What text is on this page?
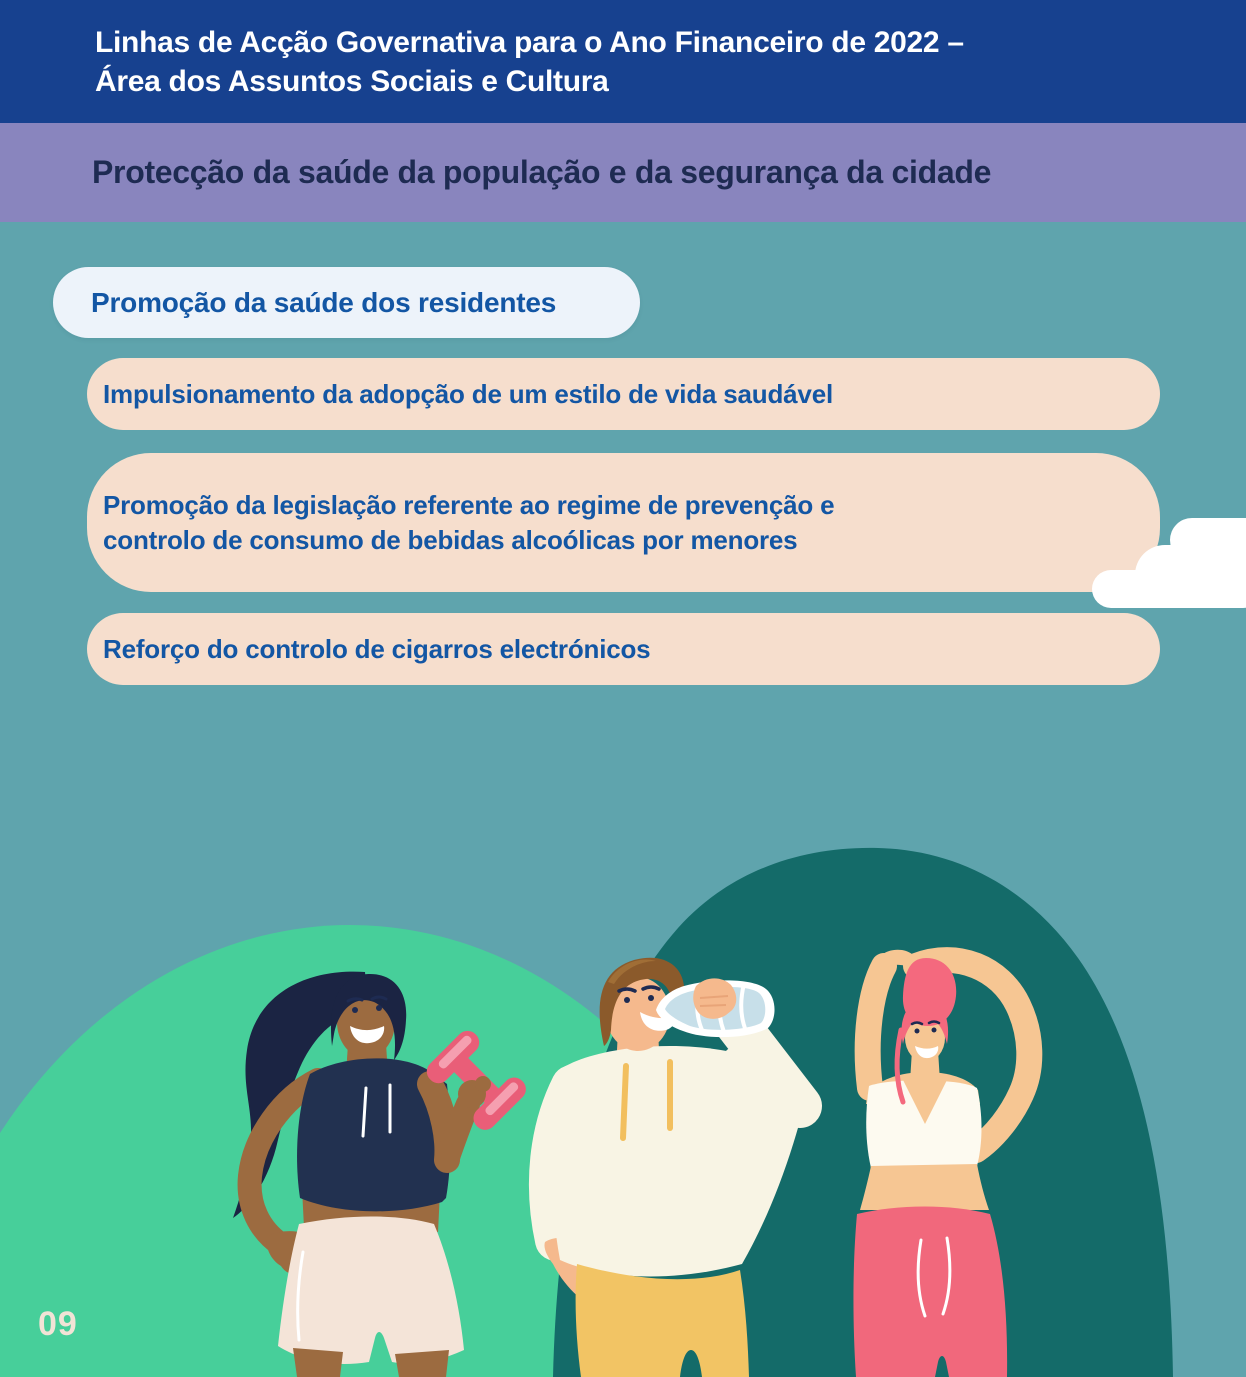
Linhas de Acção Governativa para o Ano Financeiro de 2022 –
Área dos Assuntos Sociais e Cultura
Protecção da saúde da população e da segurança da cidade
Promoção da saúde dos residentes
Impulsionamento da adopção de um estilo de vida saudável
Promoção da legislação referente ao regime de prevenção e
controlo de consumo de bebidas alcoólicas por menores
Reforço do controlo de cigarros electrónicos
09
